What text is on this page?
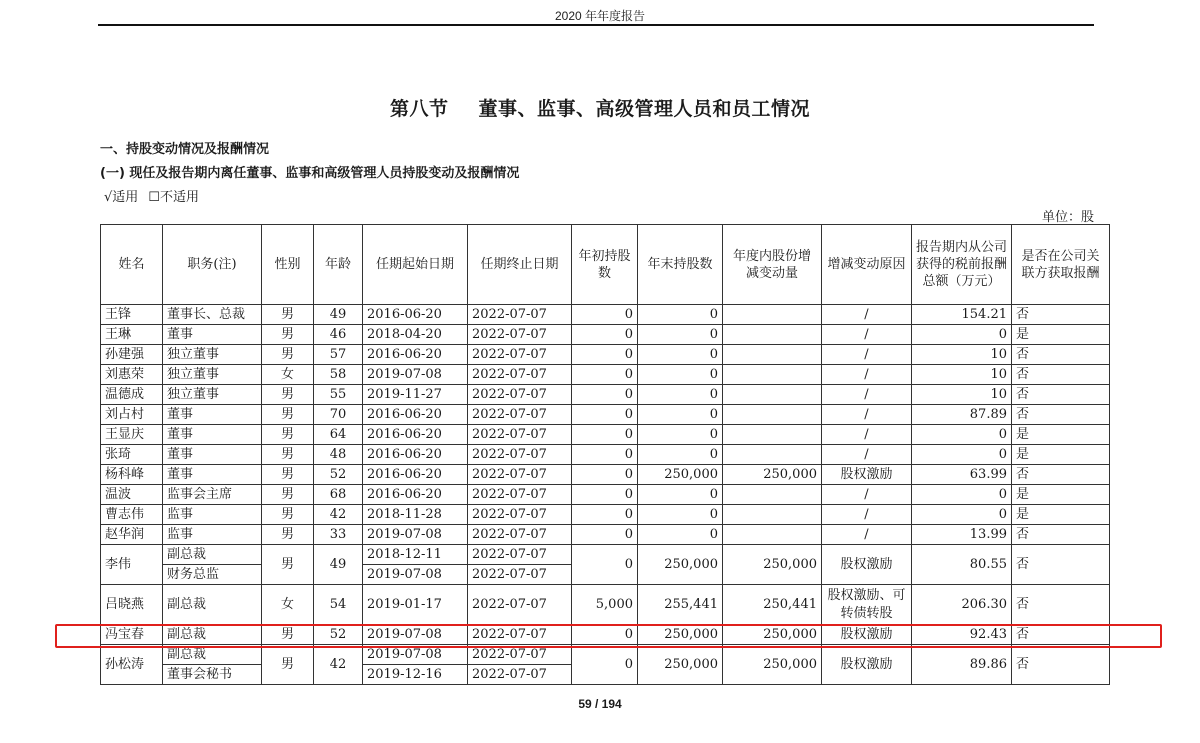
2020 年年度报告
第八节 董事、监事、高级管理人员和员工情况
一、持股变动情况及报酬情况
(一) 现任及报告期内离任董事、监事和高级管理人员持股变动及报酬情况
√适用 ☐不适用
单位：股
姓名	职务(注)	性别	年龄	任期起始日期	任期终止日期	年初持股数	年末持股数	年度内股份增减变动量	增减变动原因	报告期内从公司获得的税前报酬总额（万元）	是否在公司关联方获取报酬
王锋	董事长、总裁	男	49	2016-06-20	2022-07-07	0	0		/	154.21	否
王琳	董事	男	46	2018-04-20	2022-07-07	0	0		/	0	是
孙建强	独立董事	男	57	2016-06-20	2022-07-07	0	0		/	10	否
刘惠荣	独立董事	女	58	2019-07-08	2022-07-07	0	0		/	10	否
温德成	独立董事	男	55	2019-11-27	2022-07-07	0	0		/	10	否
刘占村	董事	男	70	2016-06-20	2022-07-07	0	0		/	87.89	否
王显庆	董事	男	64	2016-06-20	2022-07-07	0	0		/	0	是
张琦	董事	男	48	2016-06-20	2022-07-07	0	0		/	0	是
杨科峰	董事	男	52	2016-06-20	2022-07-07	0	250,000	250,000	股权激励	63.99	否
温波	监事会主席	男	68	2016-06-20	2022-07-07	0	0		/	0	是
曹志伟	监事	男	42	2018-11-28	2022-07-07	0	0		/	0	是
赵华润	监事	男	33	2019-07-08	2022-07-07	0	0		/	13.99	否
李伟	副总裁	男	49	2018-12-11	2022-07-07	0	250,000	250,000	股权激励	80.55	否
	财务总监			2019-07-08	2022-07-07						
吕晓燕	副总裁	女	54	2019-01-17	2022-07-07	5,000	255,441	250,441	股权激励、可转债转股	206.30	否
冯宝春	副总裁	男	52	2019-07-08	2022-07-07	0	250,000	250,000	股权激励	92.43	否
孙松涛	副总裁	男	42	2019-07-08	2022-07-07	0	250,000	250,000	股权激励	89.86	否
	董事会秘书			2019-12-16	2022-07-07						
59 / 194
